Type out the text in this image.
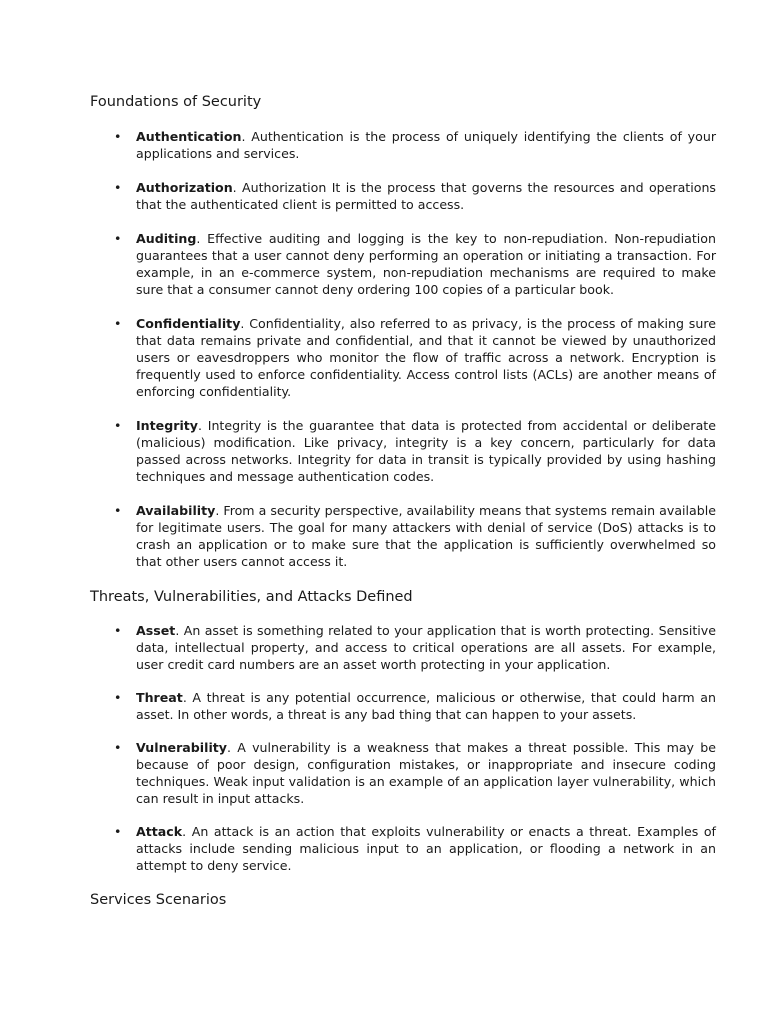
Foundations of Security
• Authentication. Authentication is the process of uniquely identifying the clients of your applications and services.
• Authorization. Authorization It is the process that governs the resources and operations that the authenticated client is permitted to access.
• Auditing. Effective auditing and logging is the key to non-repudiation. Non-repudiation guarantees that a user cannot deny performing an operation or initiating a transaction. For example, in an e-commerce system, non-repudiation mechanisms are required to make sure that a consumer cannot deny ordering 100 copies of a particular book.
• Confidentiality. Confidentiality, also referred to as privacy, is the process of making sure that data remains private and confidential, and that it cannot be viewed by unauthorized users or eavesdroppers who monitor the flow of traffic across a network. Encryption is frequently used to enforce confidentiality. Access control lists (ACLs) are another means of enforcing confidentiality.
• Integrity. Integrity is the guarantee that data is protected from accidental or deliberate (malicious) modification. Like privacy, integrity is a key concern, particularly for data passed across networks. Integrity for data in transit is typically provided by using hashing techniques and message authentication codes.
• Availability. From a security perspective, availability means that systems remain available for legitimate users. The goal for many attackers with denial of service (DoS) attacks is to crash an application or to make sure that the application is sufficiently overwhelmed so that other users cannot access it.
Threats, Vulnerabilities, and Attacks Defined
• Asset. An asset is something related to your application that is worth protecting. Sensitive data, intellectual property, and access to critical operations are all assets. For example, user credit card numbers are an asset worth protecting in your application.
• Threat. A threat is any potential occurrence, malicious or otherwise, that could harm an asset. In other words, a threat is any bad thing that can happen to your assets.
• Vulnerability. A vulnerability is a weakness that makes a threat possible. This may be because of poor design, configuration mistakes, or inappropriate and insecure coding techniques. Weak input validation is an example of an application layer vulnerability, which can result in input attacks.
• Attack. An attack is an action that exploits vulnerability or enacts a threat. Examples of attacks include sending malicious input to an application, or flooding a network in an attempt to deny service.
Services Scenarios
